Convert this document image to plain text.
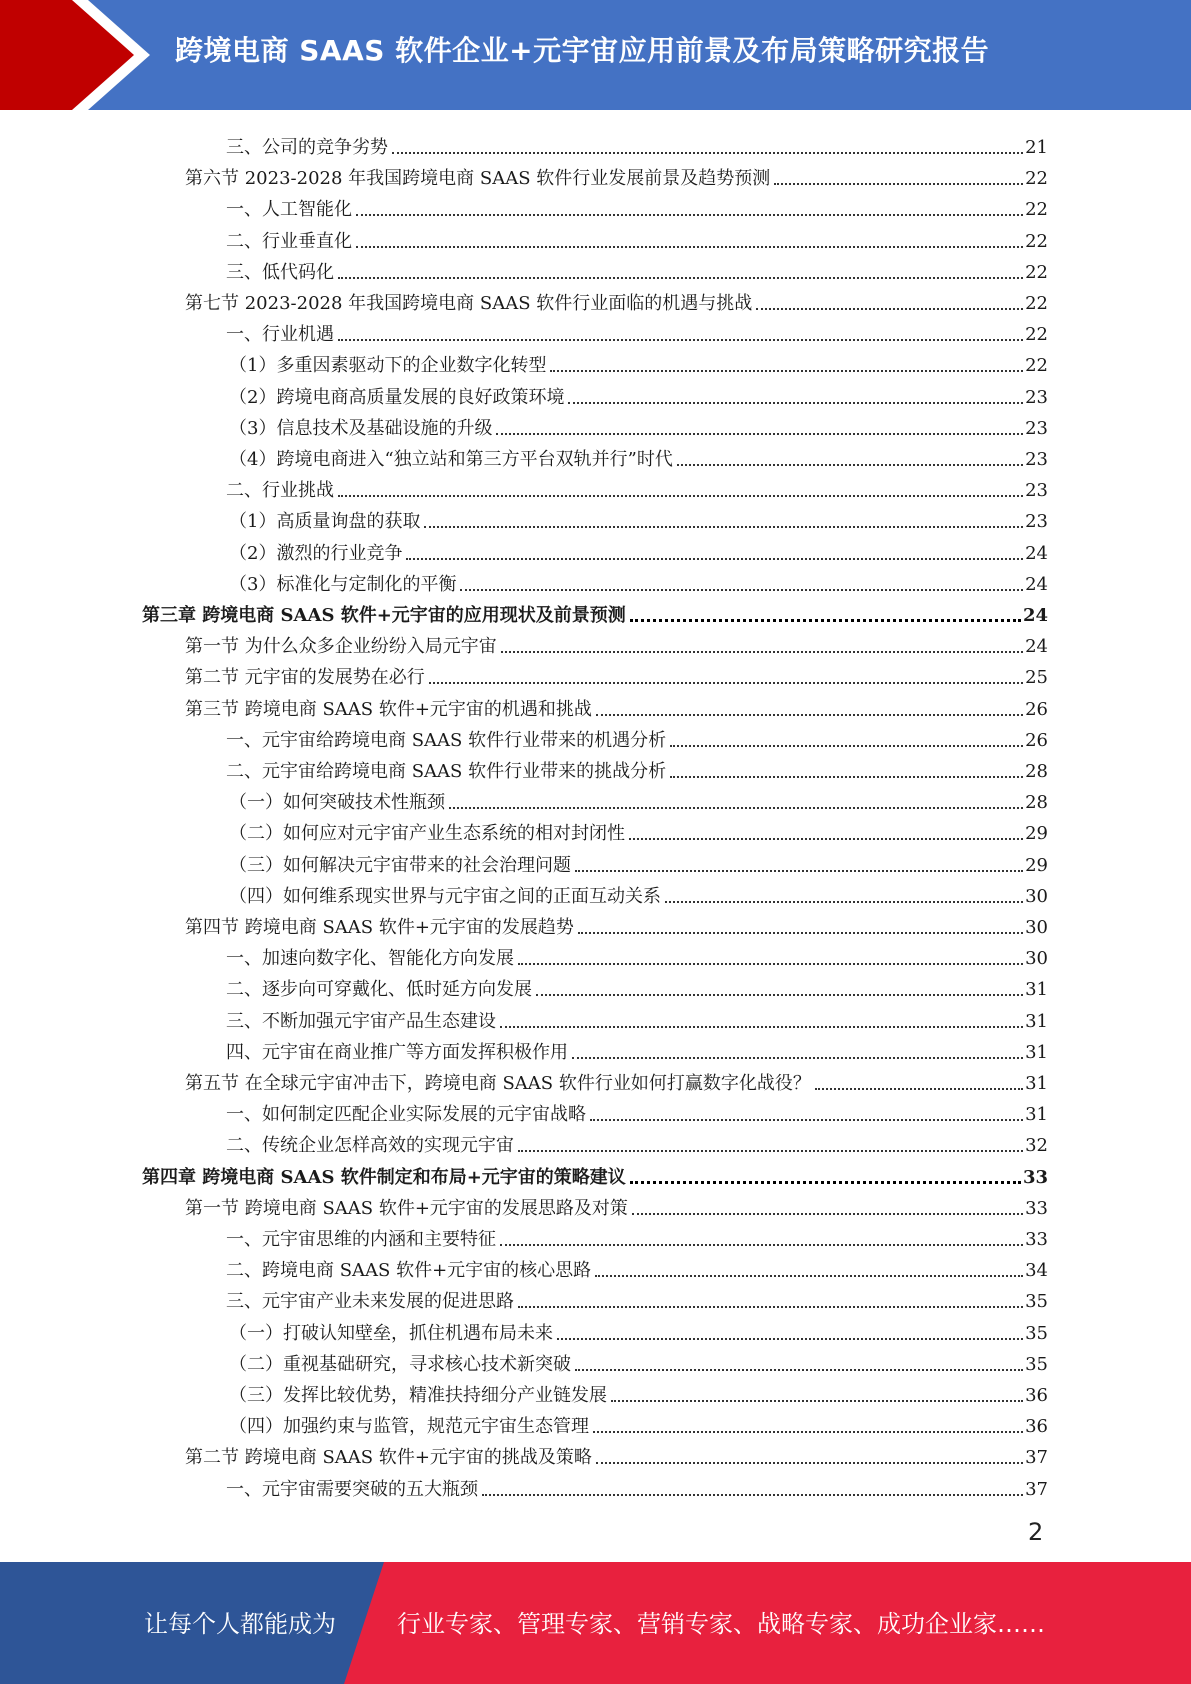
跨境电商 SAAS 软件企业+元宇宙应用前景及布局策略研究报告
三、公司的竞争劣势	21
第六节 2023-2028 年我国跨境电商 SAAS 软件行业发展前景及趋势预测	22
一、人工智能化	22
二、行业垂直化	22
三、低代码化	22
第七节 2023-2028 年我国跨境电商 SAAS 软件行业面临的机遇与挑战	22
一、行业机遇	22
（1）多重因素驱动下的企业数字化转型	22
（2）跨境电商高质量发展的良好政策环境	23
（3）信息技术及基础设施的升级	23
（4）跨境电商进入“独立站和第三方平台双轨并行”时代	23
二、行业挑战	23
（1）高质量询盘的获取	23
（2）激烈的行业竞争	24
（3）标准化与定制化的平衡	24
第三章 跨境电商 SAAS 软件+元宇宙的应用现状及前景预测	24
第一节 为什么众多企业纷纷入局元宇宙	24
第二节 元宇宙的发展势在必行	25
第三节 跨境电商 SAAS 软件+元宇宙的机遇和挑战	26
一、元宇宙给跨境电商 SAAS 软件行业带来的机遇分析	26
二、元宇宙给跨境电商 SAAS 软件行业带来的挑战分析	28
（一）如何突破技术性瓶颈	28
（二）如何应对元宇宙产业生态系统的相对封闭性	29
（三）如何解决元宇宙带来的社会治理问题	29
（四）如何维系现实世界与元宇宙之间的正面互动关系	30
第四节 跨境电商 SAAS 软件+元宇宙的发展趋势	30
一、加速向数字化、智能化方向发展	30
二、逐步向可穿戴化、低时延方向发展	31
三、不断加强元宇宙产品生态建设	31
四、元宇宙在商业推广等方面发挥积极作用	31
第五节 在全球元宇宙冲击下，跨境电商 SAAS 软件行业如何打赢数字化战役？	31
一、如何制定匹配企业实际发展的元宇宙战略	31
二、传统企业怎样高效的实现元宇宙	32
第四章 跨境电商 SAAS 软件制定和布局+元宇宙的策略建议	33
第一节 跨境电商 SAAS 软件+元宇宙的发展思路及对策	33
一、元宇宙思维的内涵和主要特征	33
二、跨境电商 SAAS 软件+元宇宙的核心思路	34
三、元宇宙产业未来发展的促进思路	35
（一）打破认知壁垒，抓住机遇布局未来	35
（二）重视基础研究，寻求核心技术新突破	35
（三）发挥比较优势，精准扶持细分产业链发展	36
（四）加强约束与监管，规范元宇宙生态管理	36
第二节 跨境电商 SAAS 软件+元宇宙的挑战及策略	37
一、元宇宙需要突破的五大瓶颈	37
2
让每个人都能成为	行业专家、管理专家、营销专家、战略专家、成功企业家……
